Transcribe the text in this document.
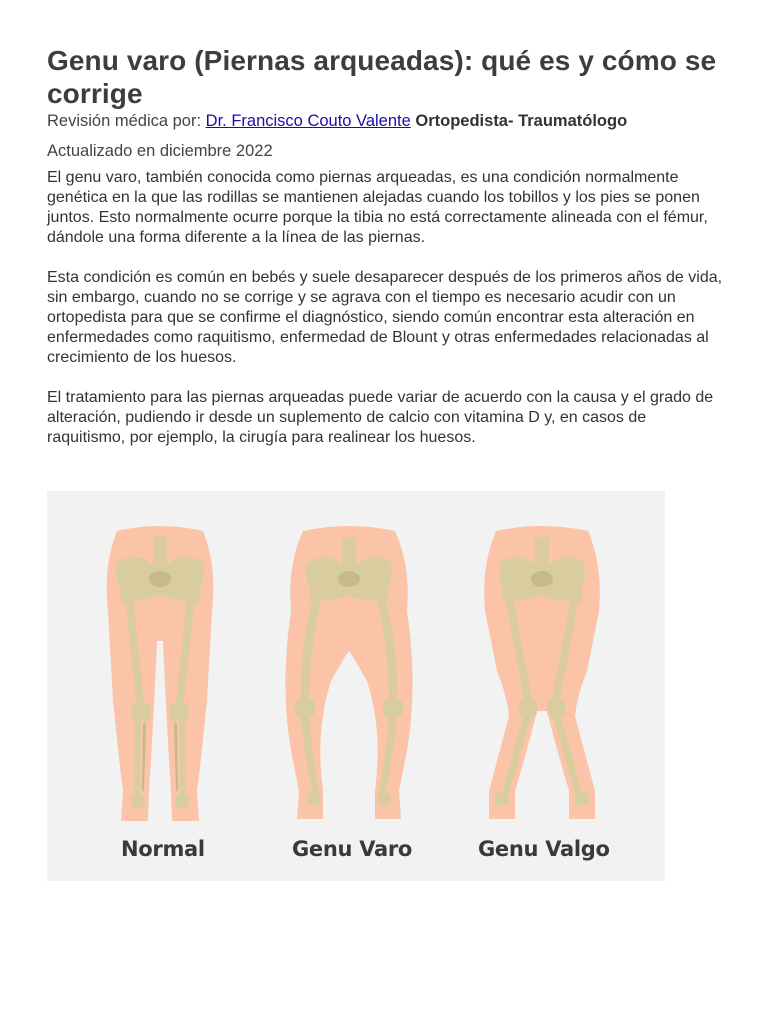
Genu varo (Piernas arqueadas): qué es y cómo se corrige
Revisión médica por: Dr. Francisco Couto Valente Ortopedista- Traumatólogo
Actualizado en diciembre 2022

El genu varo, también conocida como piernas arqueadas, es una condición normalmente genética en la que las rodillas se mantienen alejadas cuando los tobillos y los pies se ponen juntos. Esto normalmente ocurre porque la tibia no está correctamente alineada con el fémur, dándole una forma diferente a la línea de las piernas.

Esta condición es común en bebés y suele desaparecer después de los primeros años de vida, sin embargo, cuando no se corrige y se agrava con el tiempo es necesario acudir con un ortopedista para que se confirme el diagnóstico, siendo común encontrar esta alteración en enfermedades como raquitismo, enfermedad de Blount y otras enfermedades relacionadas al crecimiento de los huesos.

El tratamiento para las piernas arqueadas puede variar de acuerdo con la causa y el grado de alteración, pudiendo ir desde un suplemento de calcio con vitamina D y, en casos de raquitismo, por ejemplo, la cirugía para realinear los huesos.

Normal	Genu Varo	Genu Valgo
